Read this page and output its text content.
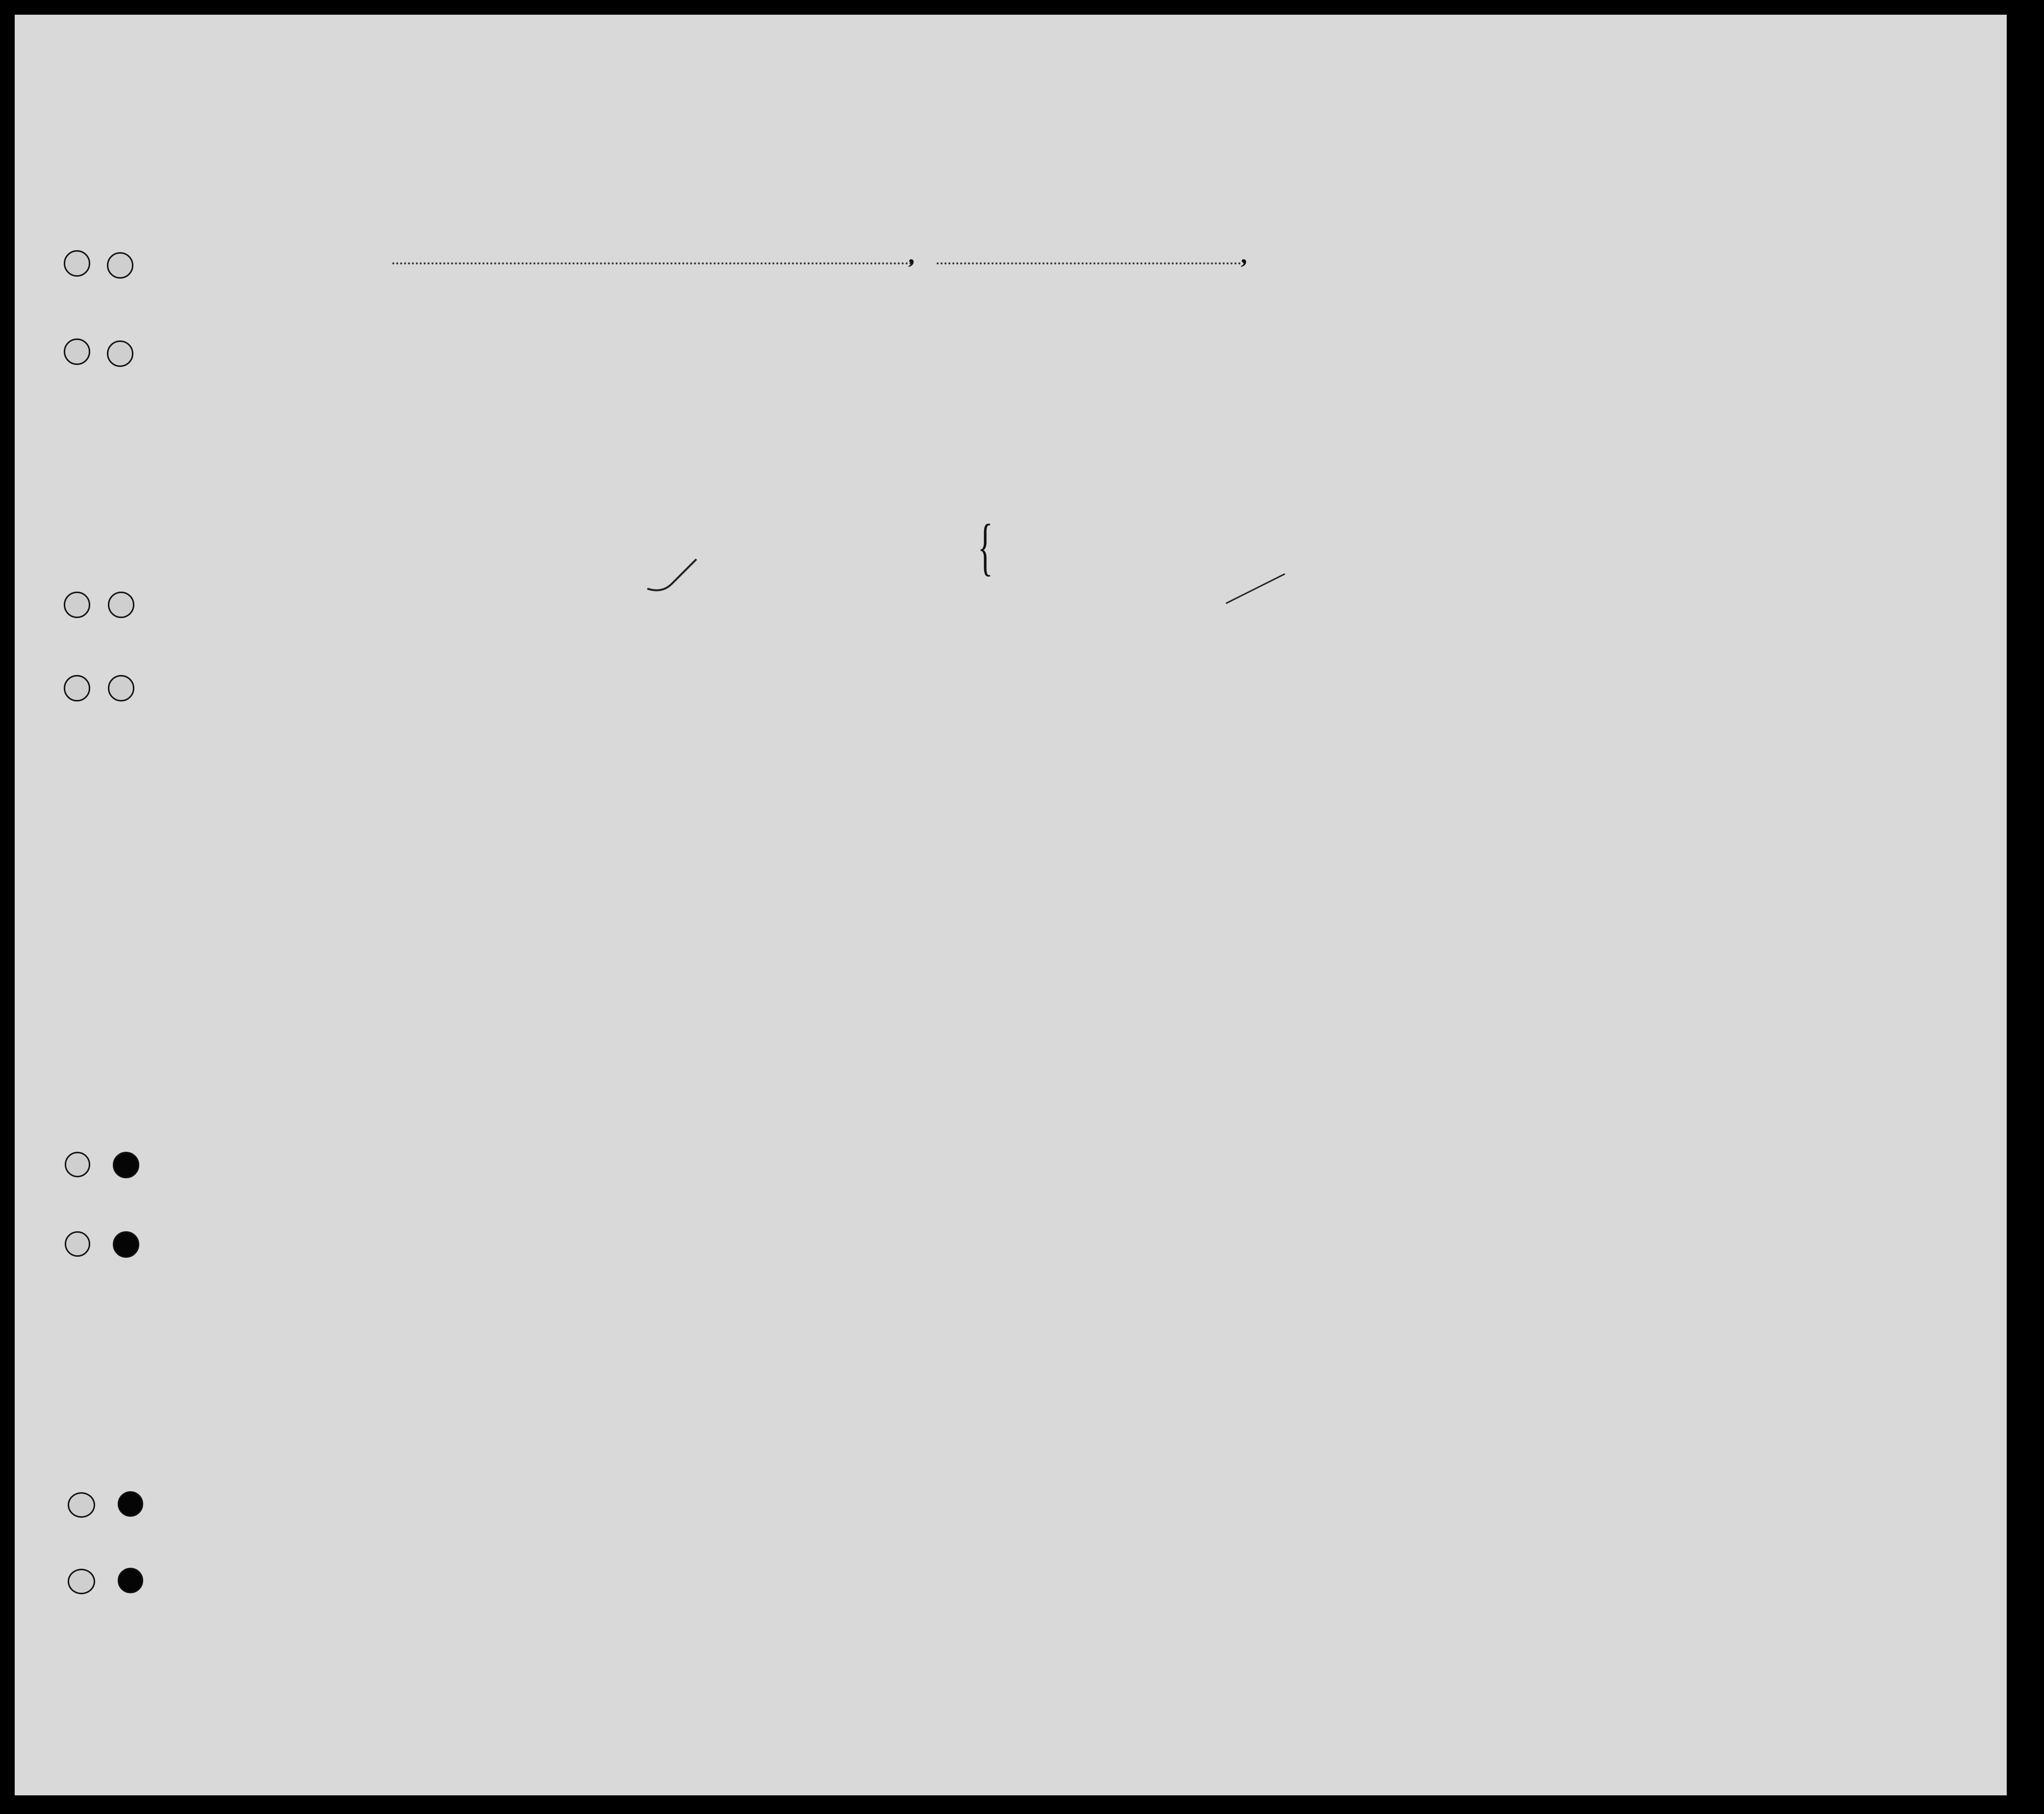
,	,
{
